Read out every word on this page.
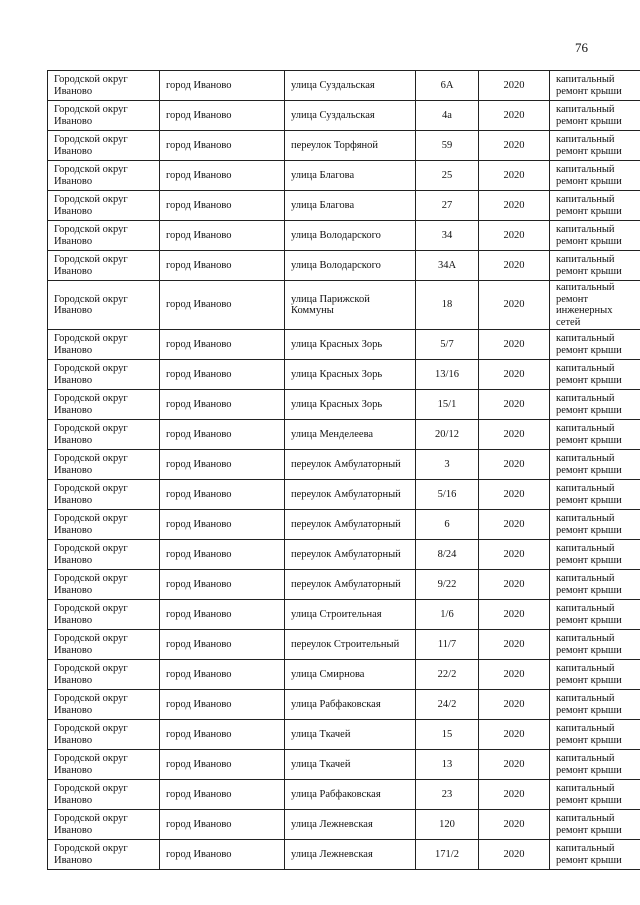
76
Городской округ Иваново	город Иваново	улица Суздальская	6А	2020	капитальный ремонт крыши
Городской округ Иваново	город Иваново	улица Суздальская	4а	2020	капитальный ремонт крыши
Городской округ Иваново	город Иваново	переулок Торфяной	59	2020	капитальный ремонт крыши
Городской округ Иваново	город Иваново	улица Благова	25	2020	капитальный ремонт крыши
Городской округ Иваново	город Иваново	улица Благова	27	2020	капитальный ремонт крыши
Городской округ Иваново	город Иваново	улица Володарского	34	2020	капитальный ремонт крыши
Городской округ Иваново	город Иваново	улица Володарского	34А	2020	капитальный ремонт крыши
Городской округ Иваново	город Иваново	улица Парижской Коммуны	18	2020	капитальный ремонт инженерных сетей
Городской округ Иваново	город Иваново	улица Красных Зорь	5/7	2020	капитальный ремонт крыши
Городской округ Иваново	город Иваново	улица Красных Зорь	13/16	2020	капитальный ремонт крыши
Городской округ Иваново	город Иваново	улица Красных Зорь	15/1	2020	капитальный ремонт крыши
Городской округ Иваново	город Иваново	улица Менделеева	20/12	2020	капитальный ремонт крыши
Городской округ Иваново	город Иваново	переулок Амбулаторный	3	2020	капитальный ремонт крыши
Городской округ Иваново	город Иваново	переулок Амбулаторный	5/16	2020	капитальный ремонт крыши
Городской округ Иваново	город Иваново	переулок Амбулаторный	6	2020	капитальный ремонт крыши
Городской округ Иваново	город Иваново	переулок Амбулаторный	8/24	2020	капитальный ремонт крыши
Городской округ Иваново	город Иваново	переулок Амбулаторный	9/22	2020	капитальный ремонт крыши
Городской округ Иваново	город Иваново	улица Строительная	1/6	2020	капитальный ремонт крыши
Городской округ Иваново	город Иваново	переулок Строительный	11/7	2020	капитальный ремонт крыши
Городской округ Иваново	город Иваново	улица Смирнова	22/2	2020	капитальный ремонт крыши
Городской округ Иваново	город Иваново	улица Рабфаковская	24/2	2020	капитальный ремонт крыши
Городской округ Иваново	город Иваново	улица Ткачей	15	2020	капитальный ремонт крыши
Городской округ Иваново	город Иваново	улица Ткачей	13	2020	капитальный ремонт крыши
Городской округ Иваново	город Иваново	улица Рабфаковская	23	2020	капитальный ремонт крыши
Городской округ Иваново	город Иваново	улица Лежневская	120	2020	капитальный ремонт крыши
Городской округ Иваново	город Иваново	улица Лежневская	171/2	2020	капитальный ремонт крыши
